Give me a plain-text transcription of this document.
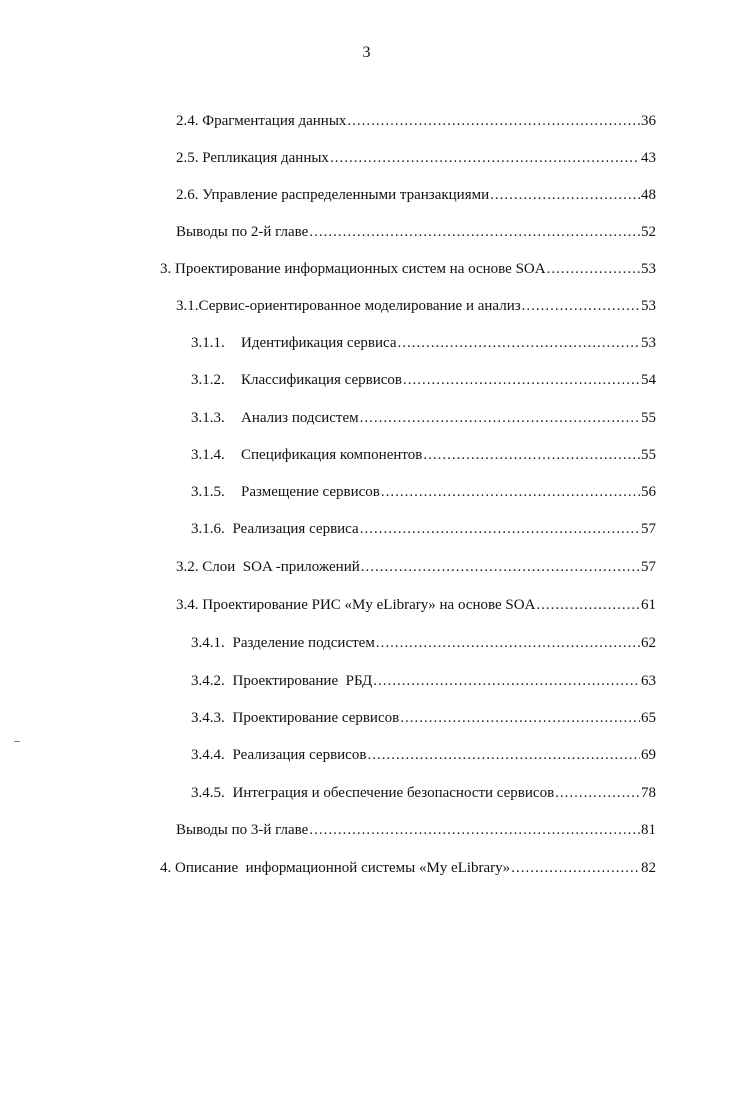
3
2.4. Фрагментация данных .....	36
2.5. Репликация данных .....	43
2.6. Управление распределенными транзакциями .....	48
Выводы по 2-й главе .....	52
3. Проектирование информационных систем на основе SOA .....	53
3.1.Сервис-ориентированное моделирование и анализ .....	53
3.1.1. Идентификация сервиса .....	53
3.1.2. Классификация сервисов .....	54
3.1.3. Анализ подсистем .....	55
3.1.4. Спецификация компонентов .....	55
3.1.5. Размещение сервисов .....	56
3.1.6. Реализация сервиса .....	57
3.2. Слои  SOA -приложений .....	57
3.4. Проектирование РИС «My eLibrary» на основе SOA .....	61
3.4.1. Разделение подсистем .....	62
3.4.2. Проектирование  РБД .....	63
3.4.3. Проектирование сервисов .....	65
3.4.4. Реализация сервисов .....	69
3.4.5. Интеграция и обеспечение безопасности сервисов .....	78
Выводы по 3-й главе .....	81
4. Описание  информационной системы «My eLibrary» .....	82
